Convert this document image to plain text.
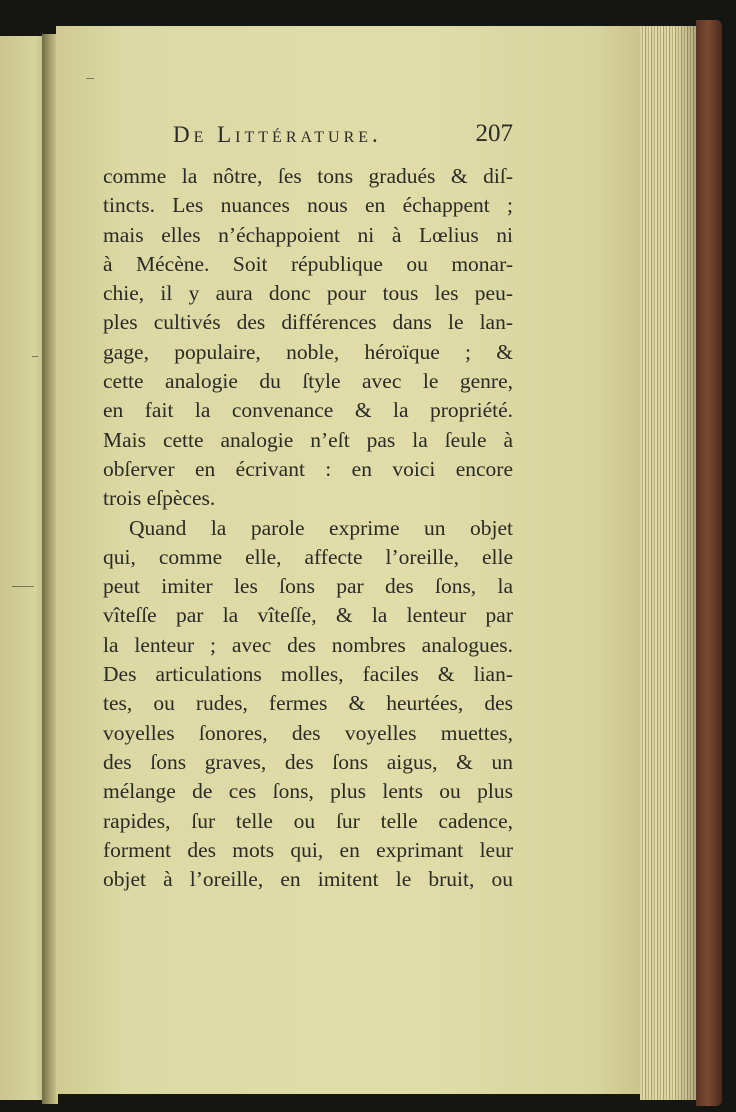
De Littérature.	207
comme la nôtre, ſes tons gradués & diſ-
tincts. Les nuances nous en échappent ;
mais elles n’échappoient ni à Lœlius ni
à Mécène. Soit république ou monar-
chie, il y aura donc pour tous les peu-
ples cultivés des différences dans le lan-
gage, populaire, noble, héroïque ; &
cette analogie du ſtyle avec le genre,
en fait la convenance & la propriété.
Mais cette analogie n’eſt pas la ſeule à
obſerver en écrivant : en voici encore
trois eſpèces.
Quand la parole exprime un objet
qui, comme elle, affecte l’oreille, elle
peut imiter les ſons par des ſons, la
vîteſſe par la vîteſſe, & la lenteur par
la lenteur ; avec des nombres analogues.
Des articulations molles, faciles & lian-
tes, ou rudes, fermes & heurtées, des
voyelles ſonores, des voyelles muettes,
des ſons graves, des ſons aigus, & un
mélange de ces ſons, plus lents ou plus
rapides, ſur telle ou ſur telle cadence,
forment des mots qui, en exprimant leur
objet à l’oreille, en imitent le bruit, ou
